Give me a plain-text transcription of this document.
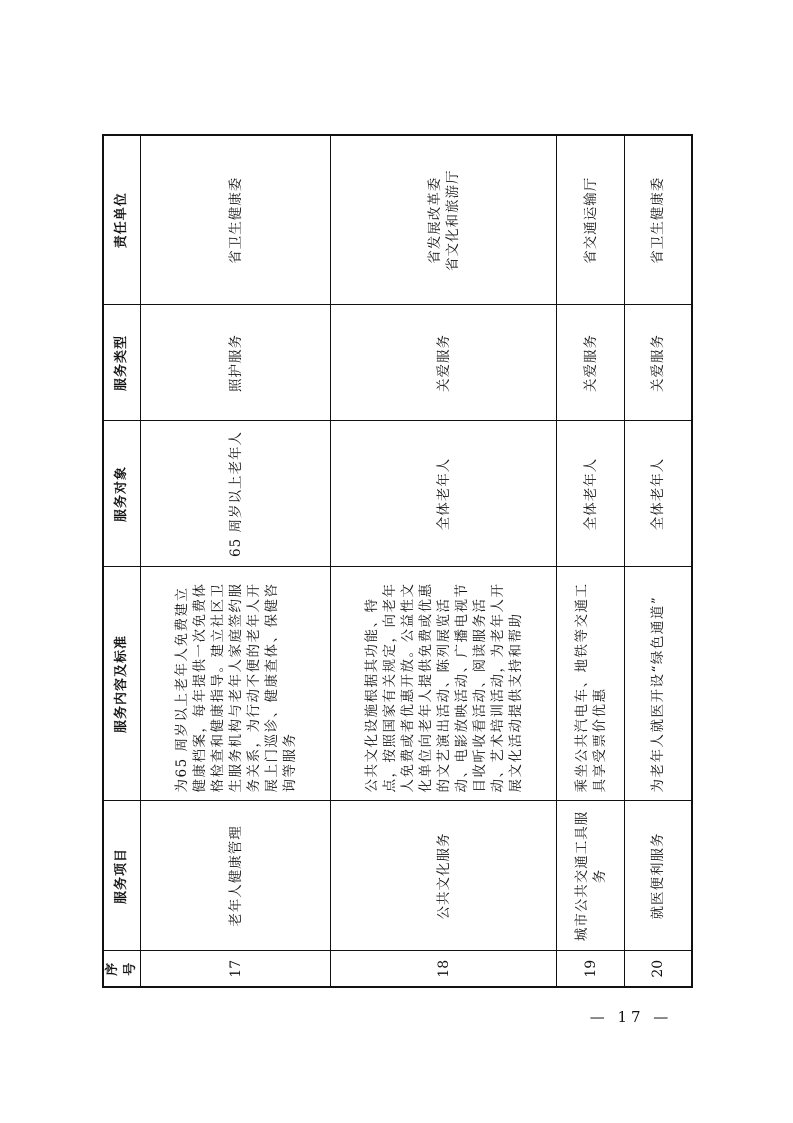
序号	服务项目	服务内容及标准	服务对象	服务类型	责任单位
17	老年人健康管理	为65 周岁以上老年人免费建立健康档案，每年提供一次免费体格检查和健康指导。建立社区卫生服务机构与老年人家庭签约服务关系，为行动不便的老年人开展上门巡诊、健康查体、保健咨询等服务	65 周岁以上老年人	照护服务	省卫生健康委

18	公共文化服务	公共文化设施根据其功能、特点，按照国家有关规定，向老年人免费或者优惠开放。公益性文化单位向老年人提供免费或优惠的文艺演出活动、陈列展览活动、电影放映活动、广播电视节目收听收看活动、阅读服务活动、艺术培训活动，为老年人开展文化活动提供支持和帮助	全体老年人	关爱服务	省发展改革委 省文化和旅游厅

19	城市公共交通工具服务	乘坐公共汽电车、地铁等交通工具享受票价优惠	全体老年人	关爱服务	省交通运输厅

20	就医便利服务	为老年人就医开设“绿色通道”	全体老年人	关爱服务	省卫生健康委
— 17 —
